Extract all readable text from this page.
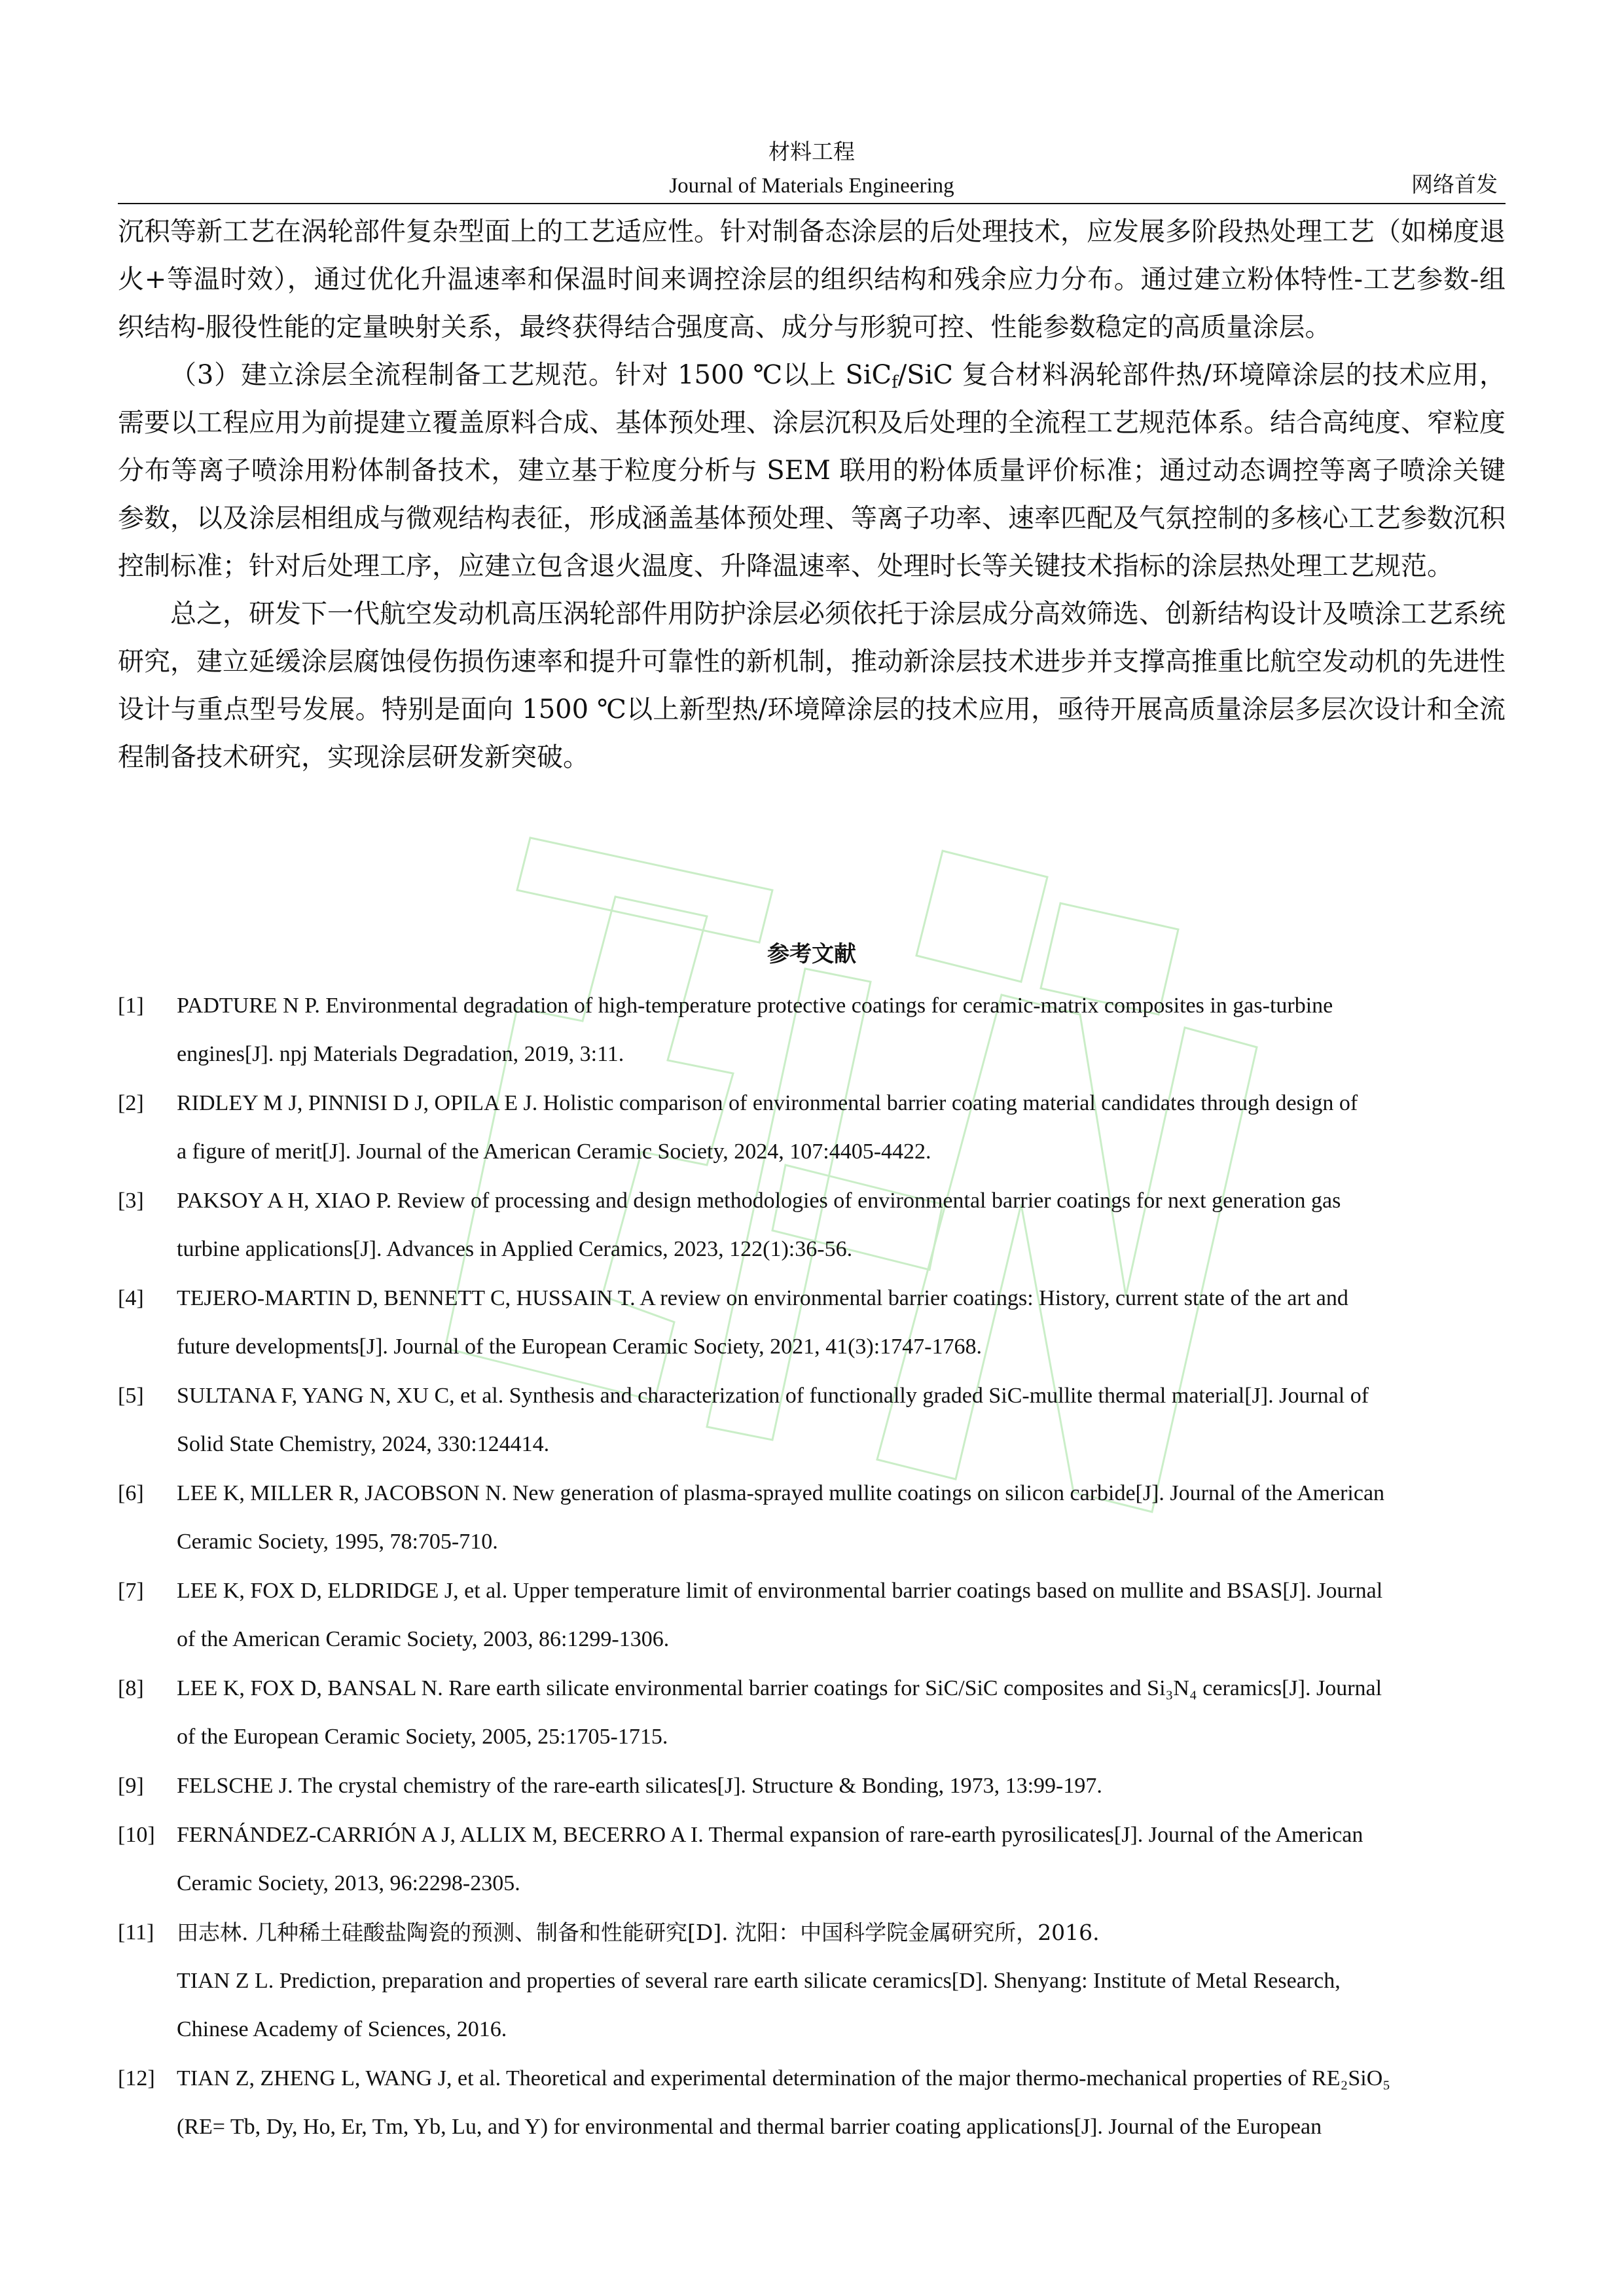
材料工程
Journal of Materials Engineering	网络首发

沉积等新工艺在涡轮部件复杂型面上的工艺适应性。针对制备态涂层的后处理技术，应发展多阶段热处理工艺（如梯度退火+等温时效），通过优化升温速率和保温时间来调控涂层的组织结构和残余应力分布。通过建立粉体特性-工艺参数-组织结构-服役性能的定量映射关系，最终获得结合强度高、成分与形貌可控、性能参数稳定的高质量涂层。

（3）建立涂层全流程制备工艺规范。针对 1500 ℃以上 SiC$_f$/SiC 复合材料涡轮部件热/环境障涂层的技术应用，需要以工程应用为前提建立覆盖原料合成、基体预处理、涂层沉积及后处理的全流程工艺规范体系。结合高纯度、窄粒度分布等离子喷涂用粉体制备技术，建立基于粒度分析与 SEM 联用的粉体质量评价标准；通过动态调控等离子喷涂关键参数，以及涂层相组成与微观结构表征，形成涵盖基体预处理、等离子功率、速率匹配及气氛控制的多核心工艺参数沉积控制标准；针对后处理工序，应建立包含退火温度、升降温速率、处理时长等关键技术指标的涂层热处理工艺规范。

总之，研发下一代航空发动机高压涡轮部件用防护涂层必须依托于涂层成分高效筛选、创新结构设计及喷涂工艺系统研究，建立延缓涂层腐蚀侵伤损伤速率和提升可靠性的新机制，推动新涂层技术进步并支撑高推重比航空发动机的先进性设计与重点型号发展。特别是面向 1500 ℃以上新型热/环境障涂层的技术应用，亟待开展高质量涂层多层次设计和全流程制备技术研究，实现涂层研发新突破。

参考文献
[1] PADTURE N P. Environmental degradation of high-temperature protective coatings for ceramic-matrix composites in gas-turbine
engines[J]. npj Materials Degradation, 2019, 3:11.
[2] RIDLEY M J, PINNISI D J, OPILA E J. Holistic comparison of environmental barrier coating material candidates through design of
a figure of merit[J]. Journal of the American Ceramic Society, 2024, 107:4405-4422.
[3] PAKSOY A H, XIAO P. Review of processing and design methodologies of environmental barrier coatings for next generation gas
turbine applications[J]. Advances in Applied Ceramics, 2023, 122(1):36-56.
[4] TEJERO-MARTIN D, BENNETT C, HUSSAIN T. A review on environmental barrier coatings: History, current state of the art and
future developments[J]. Journal of the European Ceramic Society, 2021, 41(3):1747-1768.
[5] SULTANA F, YANG N, XU C, et al. Synthesis and characterization of functionally graded SiC-mullite thermal material[J]. Journal of
Solid State Chemistry, 2024, 330:124414.
[6] LEE K, MILLER R, JACOBSON N. New generation of plasma-sprayed mullite coatings on silicon carbide[J]. Journal of the American
Ceramic Society, 1995, 78:705-710.
[7] LEE K, FOX D, ELDRIDGE J, et al. Upper temperature limit of environmental barrier coatings based on mullite and BSAS[J]. Journal
of the American Ceramic Society, 2003, 86:1299-1306.
[8] LEE K, FOX D, BANSAL N. Rare earth silicate environmental barrier coatings for SiC/SiC composites and Si₃N₄ ceramics[J]. Journal
of the European Ceramic Society, 2005, 25:1705-1715.
[9] FELSCHE J. The crystal chemistry of the rare-earth silicates[J]. Structure & Bonding, 1973, 13:99-197.
[10] FERNÁNDEZ-CARRIÓN A J, ALLIX M, BECERRO A I. Thermal expansion of rare-earth pyrosilicates[J]. Journal of the American
Ceramic Society, 2013, 96:2298-2305.
[11] 田志林. 几种稀土硅酸盐陶瓷的预测、制备和性能研究[D]. 沈阳：中国科学院金属研究所，2016.
TIAN Z L. Prediction, preparation and properties of several rare earth silicate ceramics[D]. Shenyang: Institute of Metal Research,
Chinese Academy of Sciences, 2016.
[12] TIAN Z, ZHENG L, WANG J, et al. Theoretical and experimental determination of the major thermo-mechanical properties of RE₂SiO₅
(RE= Tb, Dy, Ho, Er, Tm, Yb, Lu, and Y) for environmental and thermal barrier coating applications[J]. Journal of the European
